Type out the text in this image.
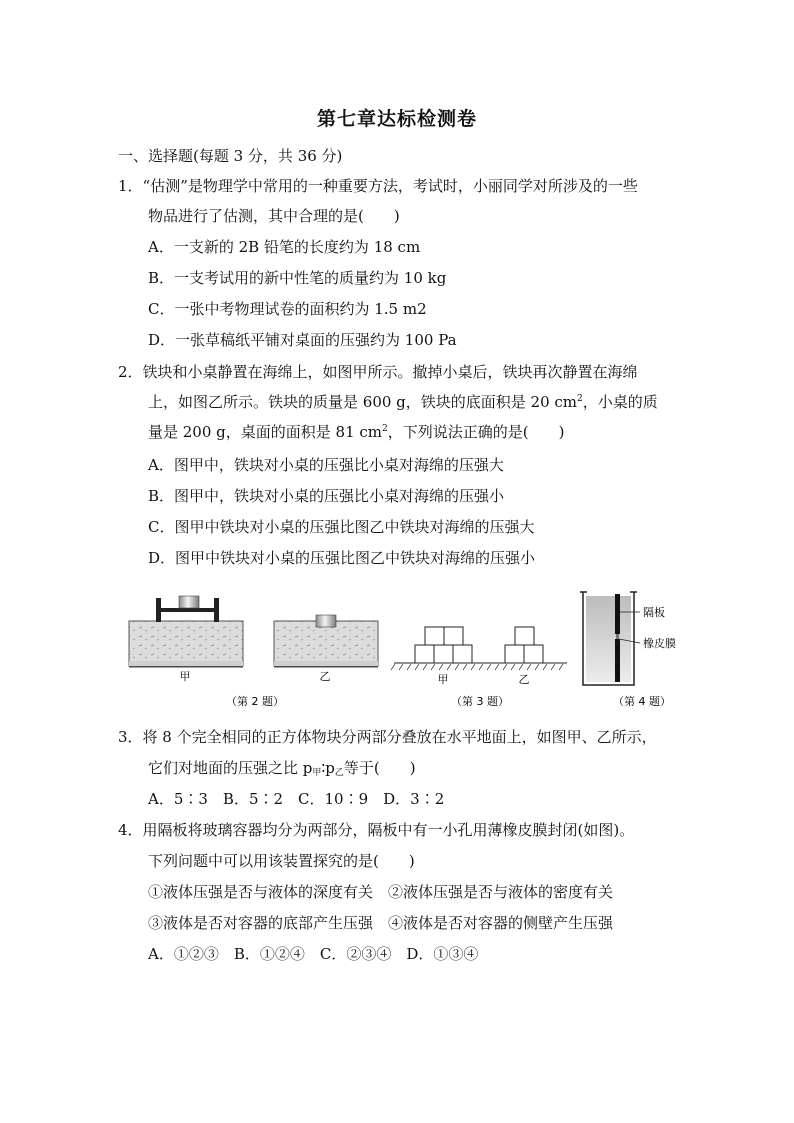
第七章达标检测卷
一、选择题(每题 3 分，共 36 分)
1．“估测”是物理学中常用的一种重要方法，考试时，小丽同学对所涉及的一些
物品进行了估测，其中合理的是(　　)
A．一支新的 2B 铅笔的长度约为 18 cm
B．一支考试用的新中性笔的质量约为 10 kg
C．一张中考物理试卷的面积约为 1.5 m2
D．一张草稿纸平铺对桌面的压强约为 100 Pa
2．铁块和小桌静置在海绵上，如图甲所示。撤掉小桌后，铁块再次静置在海绵
上，如图乙所示。铁块的质量是 600 g，铁块的底面积是 20 $cm^2$，小桌的质
量是 200 g，桌面的面积是 81 $cm^2$，下列说法正确的是(　　)
A．图甲中，铁块对小桌的压强比小桌对海绵的压强大
B．图甲中，铁块对小桌的压强比小桌对海绵的压强小
C．图甲中铁块对小桌的压强比图乙中铁块对海绵的压强大
D．图甲中铁块对小桌的压强比图乙中铁块对海绵的压强小
甲	乙
（第 2 题）
甲	乙
（第 3 题）
隔板
橡皮膜
（第 4 题）
3．将 8 个完全相同的正方体物块分两部分叠放在水平地面上，如图甲、乙所示，
它们对地面的压强之比 $p_甲∶p_乙$等于(　　)
A．5∶3　B．5∶2　C．10∶9　D．3∶2
4．用隔板将玻璃容器均分为两部分，隔板中有一小孔用薄橡皮膜封闭(如图)。
下列问题中可以用该装置探究的是(　　)
①液体压强是否与液体的深度有关　②液体压强是否与液体的密度有关
③液体是否对容器的底部产生压强　④液体是否对容器的侧壁产生压强
A．①②③　B．①②④　C．②③④　D．①③④
